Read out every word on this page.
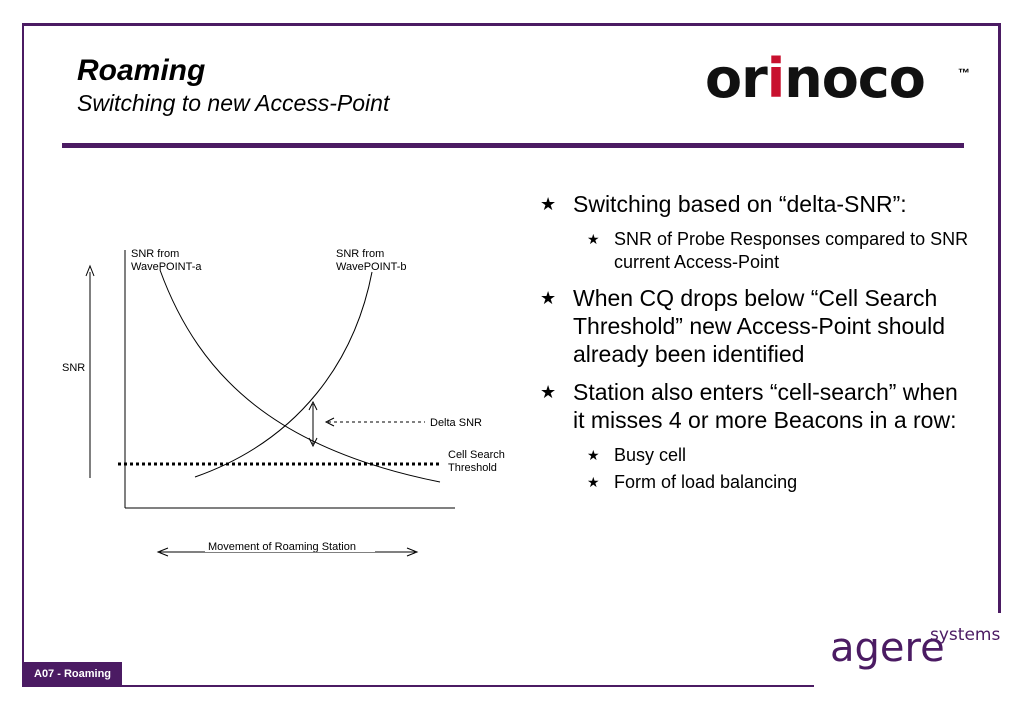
Roaming
Switching to new Access-Point	orinoco	™
SNR
SNR from
WavePOINT-a
SNR from
WavePOINT-b
Cell Search
Threshold
Delta SNR
Movement of Roaming Station
★ Switching based on “delta-SNR”:
★ SNR of Probe Responses compared to SNR current Access-Point
★ When CQ drops below “Cell Search Threshold” new Access-Point should already been identified
★ Station also enters “cell-search” when it misses 4 or more Beacons in a row:
★ Busy cell
★ Form of load balancing
A07 - Roaming
agere
systems
